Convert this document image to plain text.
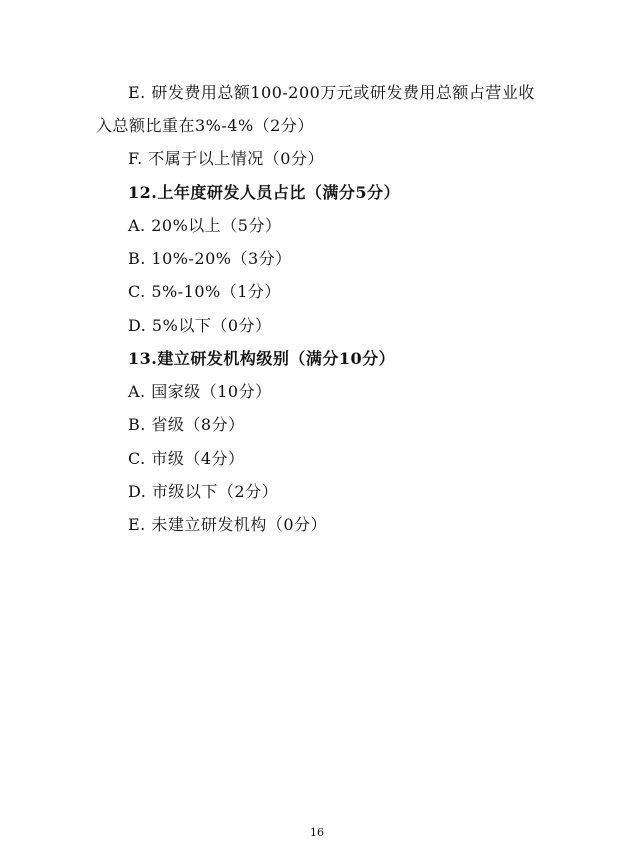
E. 研发费用总额100-200万元或研发费用总额占营业收
入总额比重在3%-4%（2分）
F. 不属于以上情况（0分）
12.上年度研发人员占比（满分5分）
A. 20%以上（5分）
B. 10%-20%（3分）
C. 5%-10%（1分）
D. 5%以下（0分）
13.建立研发机构级别（满分10分）
A. 国家级（10分）
B. 省级（8分）
C. 市级（4分）
D. 市级以下（2分）
E. 未建立研发机构（0分）
16
